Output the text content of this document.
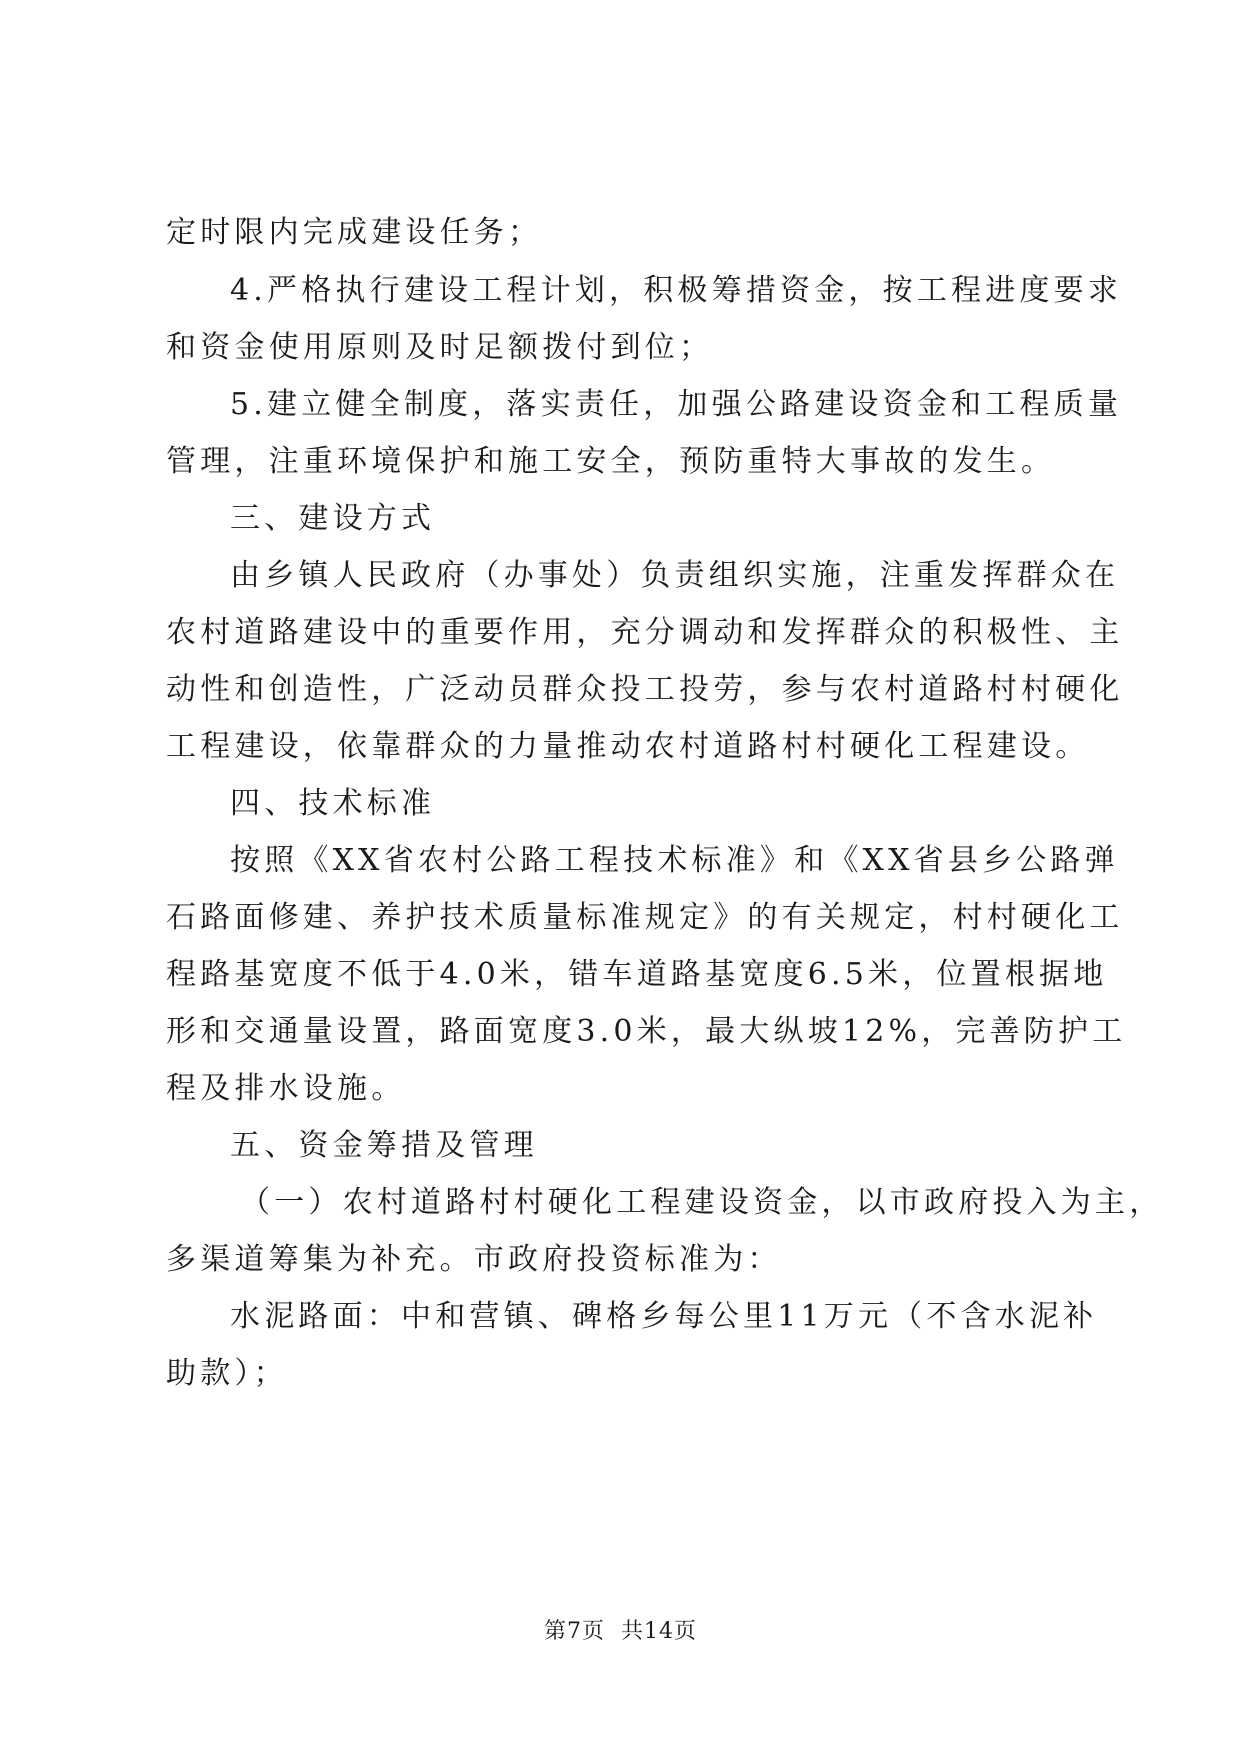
定时限内完成建设任务；
4.严格执行建设工程计划，积极筹措资金，按工程进度要求
和资金使用原则及时足额拨付到位；
5.建立健全制度，落实责任，加强公路建设资金和工程质量
管理，注重环境保护和施工安全，预防重特大事故的发生。
三、建设方式
由乡镇人民政府（办事处）负责组织实施，注重发挥群众在
农村道路建设中的重要作用，充分调动和发挥群众的积极性、主
动性和创造性，广泛动员群众投工投劳，参与农村道路村村硬化
工程建设，依靠群众的力量推动农村道路村村硬化工程建设。
四、技术标准
按照《XX省农村公路工程技术标准》和《XX省县乡公路弹
石路面修建、养护技术质量标准规定》的有关规定，村村硬化工
程路基宽度不低于4.0米，错车道路基宽度6.5米，位置根据地
形和交通量设置，路面宽度3.0米，最大纵坡12%，完善防护工
程及排水设施。
五、资金筹措及管理
（一）农村道路村村硬化工程建设资金，以市政府投入为主，
多渠道筹集为补充。市政府投资标准为：
水泥路面：中和营镇、碑格乡每公里11万元（不含水泥补
助款）；
第7页 共14页
